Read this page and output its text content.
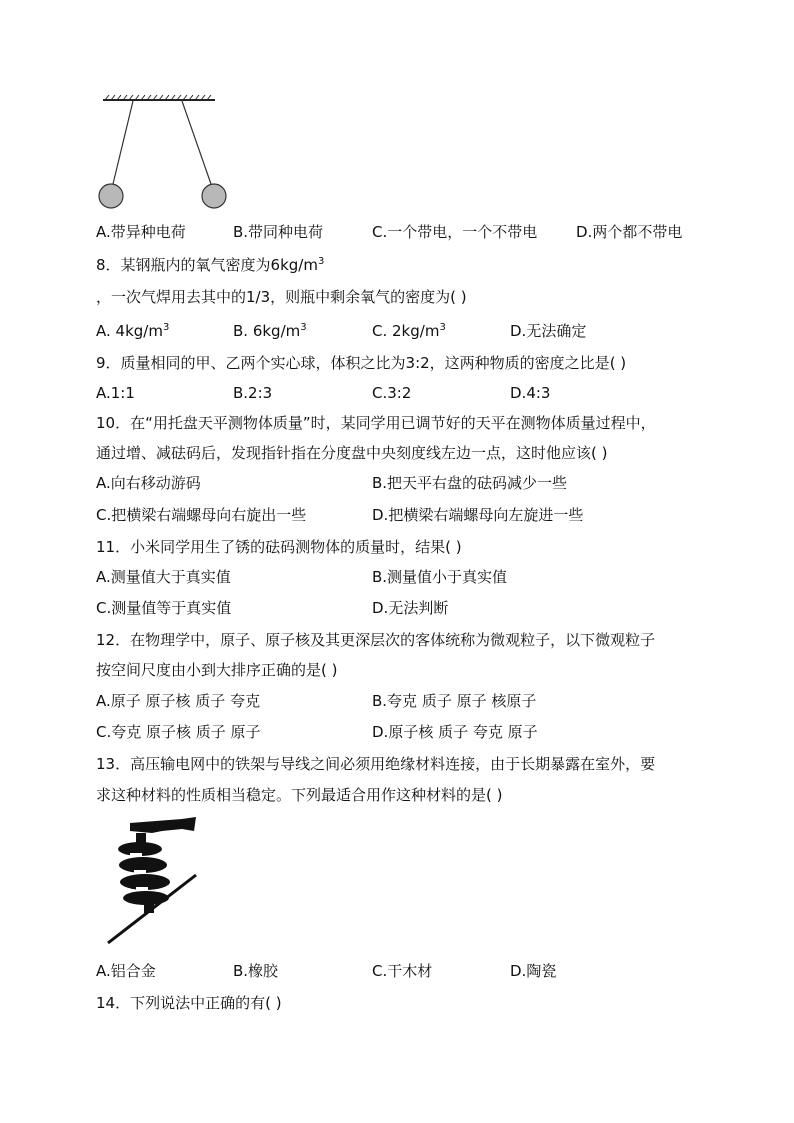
A.带异种电荷	B.带同种电荷	C.一个带电，一个不带电	D.两个都不带电
8．某钢瓶内的氧气密度为$6kg/m^3$
，一次气焊用去其中的1/3，则瓶中剩余氧气的密度为( )
A. $4kg/m^3$	B. $6kg/m^3$	C. $2kg/m^3$	D.无法确定
9．质量相同的甲、乙两个实心球，体积之比为3:2，这两种物质的密度之比是( )
A.1:1	B.2:3	C.3:2	D.4:3
10．在“用托盘天平测物体质量”时，某同学用已调节好的天平在测物体质量过程中，
通过增、减砝码后，发现指针指在分度盘中央刻度线左边一点，这时他应该( )
A.向右移动游码	B.把天平右盘的砝码减少一些
C.把横梁右端螺母向右旋出一些	D.把横梁右端螺母向左旋进一些
11．小米同学用生了锈的砝码测物体的质量时，结果( )
A.测量值大于真实值	B.测量值小于真实值
C.测量值等于真实值	D.无法判断
12．在物理学中，原子、原子核及其更深层次的客体统称为微观粒子，以下微观粒子
按空间尺度由小到大排序正确的是( )
A.原子 原子核 质子 夸克	B.夸克 质子 原子 核原子
C.夸克 原子核 质子 原子	D.原子核 质子 夸克 原子
13．高压输电网中的铁架与导线之间必须用绝缘材料连接，由于长期暴露在室外，要
求这种材料的性质相当稳定。下列最适合用作这种材料的是( )
A.铝合金	B.橡胶	C.干木材	D.陶瓷
14．下列说法中正确的有( )
